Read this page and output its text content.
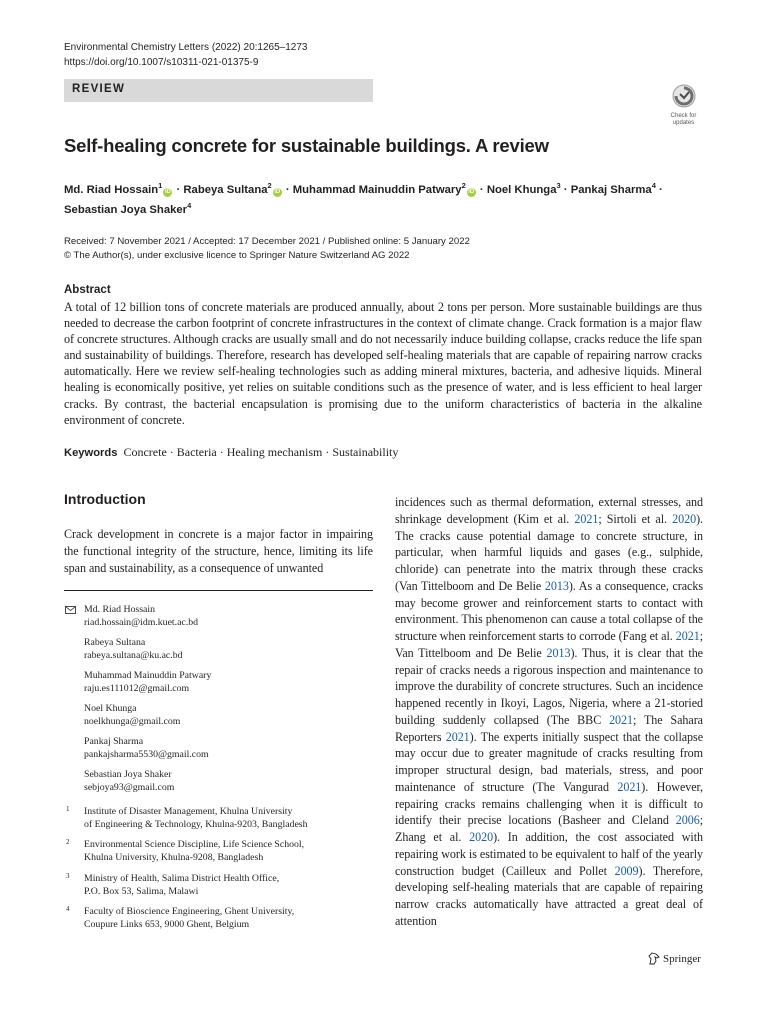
Environmental Chemistry Letters (2022) 20:1265–1273
https://doi.org/10.1007/s10311-021-01375-9
REVIEW
Check for
updates
Self-healing concrete for sustainable buildings. A review
Md. Riad Hossain$^1$iD · Rabeya Sultana$^2$iD · Muhammad Mainuddin Patwary$^2$iD · Noel Khunga$^3$ · Pankaj Sharma$^4$ ·
Sebastian Joya Shaker$^4$
Received: 7 November 2021 / Accepted: 17 December 2021 / Published online: 5 January 2022
© The Author(s), under exclusive licence to Springer Nature Switzerland AG 2022
Abstract
A total of 12 billion tons of concrete materials are produced annually, about 2 tons per person. More sustainable buildings are thus needed to decrease the carbon footprint of concrete infrastructures in the context of climate change. Crack formation is a major flaw of concrete structures. Although cracks are usually small and do not necessarily induce building collapse, cracks reduce the life span and sustainability of buildings. Therefore, research has developed self-healing materials that are capable of repairing narrow cracks automatically. Here we review self-healing technologies such as adding mineral mixtures, bacteria, and adhesive liquids. Mineral healing is economically positive, yet relies on suitable conditions such as the presence of water, and is less efficient to heal larger cracks. By contrast, the bacterial encapsulation is promising due to the uniform characteristics of bacteria in the alkaline environment of concrete.
Keywords Concrete · Bacteria · Healing mechanism · Sustainability
Introduction
Crack development in concrete is a major factor in impairing the functional integrity of the structure, hence, limiting its life span and sustainability, as a consequence of unwanted
incidences such as thermal deformation, external stresses, and shrinkage development (Kim et al. 2021; Sirtoli et al. 2020). The cracks cause potential damage to concrete structure, in particular, when harmful liquids and gases (e.g., sulphide, chloride) can penetrate into the matrix through these cracks (Van Tittelboom and De Belie 2013). As a consequence, cracks may become grower and reinforcement starts to contact with environment. This phenomenon can cause a total collapse of the structure when reinforcement starts to corrode (Fang et al. 2021; Van Tittelboom and De Belie 2013). Thus, it is clear that the repair of cracks needs a rigorous inspection and maintenance to improve the durability of concrete structures. Such an incidence happened recently in Ikoyi, Lagos, Nigeria, where a 21-storied building suddenly collapsed (The BBC 2021; The Sahara Reporters 2021). The experts initially suspect that the collapse may occur due to greater magnitude of cracks resulting from improper structural design, bad materials, stress, and poor maintenance of structure (The Vangurad 2021). However, repairing cracks remains challenging when it is difficult to identify their precise locations (Basheer and Cleland 2006; Zhang et al. 2020). In addition, the cost associated with repairing work is estimated to be equivalent to half of the yearly construction budget (Cailleux and Pollet 2009). Therefore, developing self-healing materials that are capable of repairing narrow cracks automatically have attracted a great deal of attention
Md. Riad Hossain
riad.hossain@idm.kuet.ac.bd
Rabeya Sultana
rabeya.sultana@ku.ac.bd
Muhammad Mainuddin Patwary
raju.es111012@gmail.com
Noel Khunga
noelkhunga@gmail.com
Pankaj Sharma
pankajsharma5530@gmail.com
Sebastian Joya Shaker
sebjoya93@gmail.com
1 Institute of Disaster Management, Khulna University
of Engineering & Technology, Khulna-9203, Bangladesh
2 Environmental Science Discipline, Life Science School,
Khulna University, Khulna-9208, Bangladesh
3 Ministry of Health, Salima District Health Office,
P.O. Box 53, Salima, Malawi
4 Faculty of Bioscience Engineering, Ghent University,
Coupure Links 653, 9000 Ghent, Belgium
Springer
